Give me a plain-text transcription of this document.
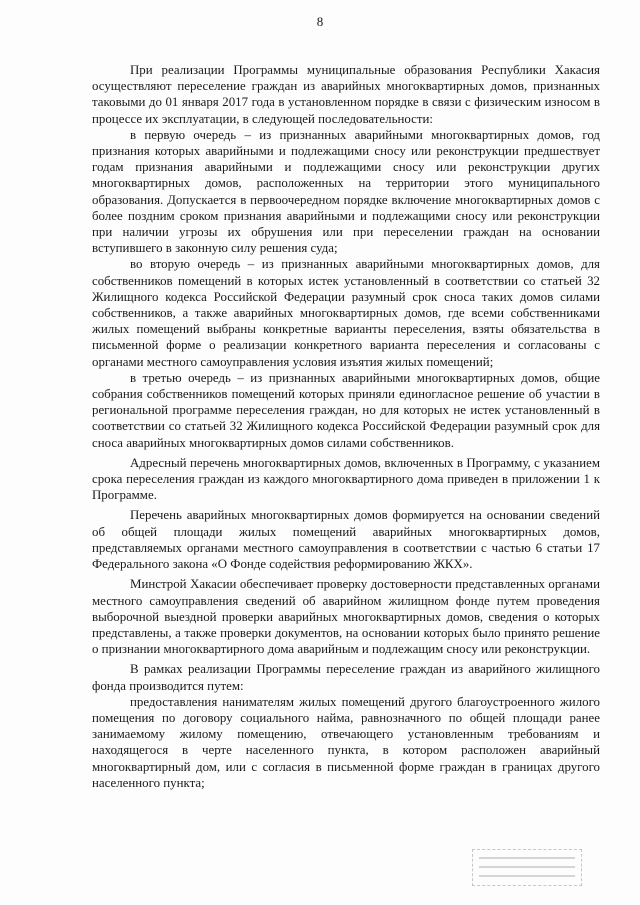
8

При реализации Программы муниципальные образования Республики Хакасия осуществляют переселение граждан из аварийных многоквартирных домов, признанных таковыми до 01 января 2017 года в установленном порядке в связи с физическим износом в процессе их эксплуатации, в следующей последовательности:

в первую очередь – из признанных аварийными многоквартирных домов, год признания которых аварийными и подлежащими сносу или реконструкции предшествует годам признания аварийными и подлежащими сносу или реконструкции других многоквартирных домов, расположенных на территории этого муниципального образования. Допускается в первоочередном порядке включение многоквартирных домов с более поздним сроком признания аварийными и подлежащими сносу или реконструкции при наличии угрозы их обрушения или при переселении граждан на основании вступившего в законную силу решения суда;

во вторую очередь – из признанных аварийными многоквартирных домов, для собственников помещений в которых истек установленный в соответствии со статьей 32 Жилищного кодекса Российской Федерации разумный срок сноса таких домов силами собственников, а также аварийных многоквартирных домов, где всеми собственниками жилых помещений выбраны конкретные варианты переселения, взяты обязательства в письменной форме о реализации конкретного варианта переселения и согласованы с органами местного самоуправления условия изъятия жилых помещений;

в третью очередь – из признанных аварийными многоквартирных домов, общие собрания собственников помещений которых приняли единогласное решение об участии в региональной программе переселения граждан, но для которых не истек установленный в соответствии со статьей 32 Жилищного кодекса Российской Федерации разумный срок для сноса аварийных многоквартирных домов силами собственников.

Адресный перечень многоквартирных домов, включенных в Программу, с указанием срока переселения граждан из каждого многоквартирного дома приведен в приложении 1 к Программе.

Перечень аварийных многоквартирных домов формируется на основании сведений об общей площади жилых помещений аварийных многоквартирных домов, представляемых органами местного самоуправления в соответствии с частью 6 статьи 17 Федерального закона «О Фонде содействия реформированию ЖКХ».

Минстрой Хакасии обеспечивает проверку достоверности представленных органами местного самоуправления сведений об аварийном жилищном фонде путем проведения выборочной выездной проверки аварийных многоквартирных домов, сведения о которых представлены, а также проверки документов, на основании которых было принято решение о признании многоквартирного дома аварийным и подлежащим сносу или реконструкции.

В рамках реализации Программы переселение граждан из аварийного жилищного фонда производится путем:

предоставления нанимателям жилых помещений другого благоустроенного жилого помещения по договору социального найма, равнозначного по общей площади ранее занимаемому жилому помещению, отвечающего установленным требованиям и находящегося в черте населенного пункта, в котором расположен аварийный многоквартирный дом, или с согласия в письменной форме граждан в границах другого населенного пункта;
